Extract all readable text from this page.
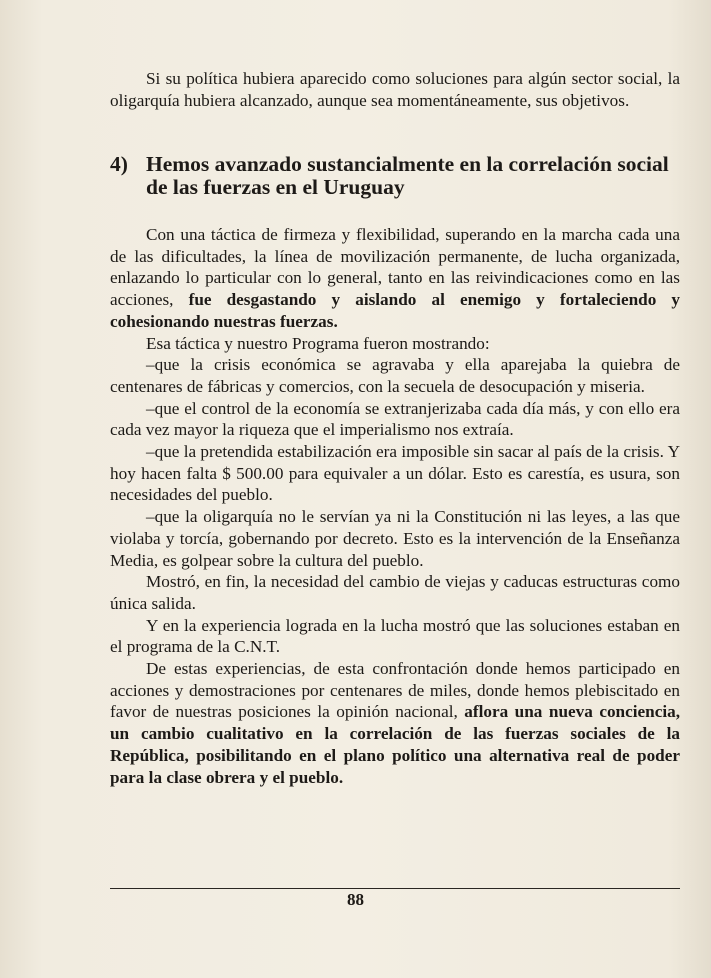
Si su política hubiera aparecido como soluciones para algún sector social, la oligarquía hubiera alcanzado, aunque sea momentáneamente, sus objetivos.

4) Hemos avanzado sustancialmente en la correlación social de las fuerzas en el Uruguay

Con una táctica de firmeza y flexibilidad, superando en la marcha cada una de las dificultades, la línea de movilización permanente, de lucha organizada, enlazando lo particular con lo general, tanto en las reivindicaciones como en las acciones, fue desgastando y aislando al enemigo y fortaleciendo y cohesionando nuestras fuerzas.

Esa táctica y nuestro Programa fueron mostrando:

–que la crisis económica se agravaba y ella aparejaba la quiebra de centenares de fábricas y comercios, con la secuela de desocupación y miseria.

–que el control de la economía se extranjerizaba cada día más, y con ello era cada vez mayor la riqueza que el imperialismo nos extraía.

–que la pretendida estabilización era imposible sin sacar al país de la crisis. Y hoy hacen falta $ 500.00 para equivaler a un dólar. Esto es carestía, es usura, son necesidades del pueblo.

–que la oligarquía no le servían ya ni la Constitución ni las leyes, a las que violaba y torcía, gobernando por decreto. Esto es la intervención de la Enseñanza Media, es golpear sobre la cultura del pueblo.

Mostró, en fin, la necesidad del cambio de viejas y caducas estructuras como única salida.

Y en la experiencia lograda en la lucha mostró que las soluciones estaban en el programa de la C.N.T.

De estas experiencias, de esta confrontación donde hemos participado en acciones y demostraciones por centenares de miles, donde hemos plebiscitado en favor de nuestras posiciones la opinión nacional, aflora una nueva conciencia, un cambio cualitativo en la correlación de las fuerzas sociales de la República, posibilitando en el plano político una alternativa real de poder para la clase obrera y el pueblo.

88
